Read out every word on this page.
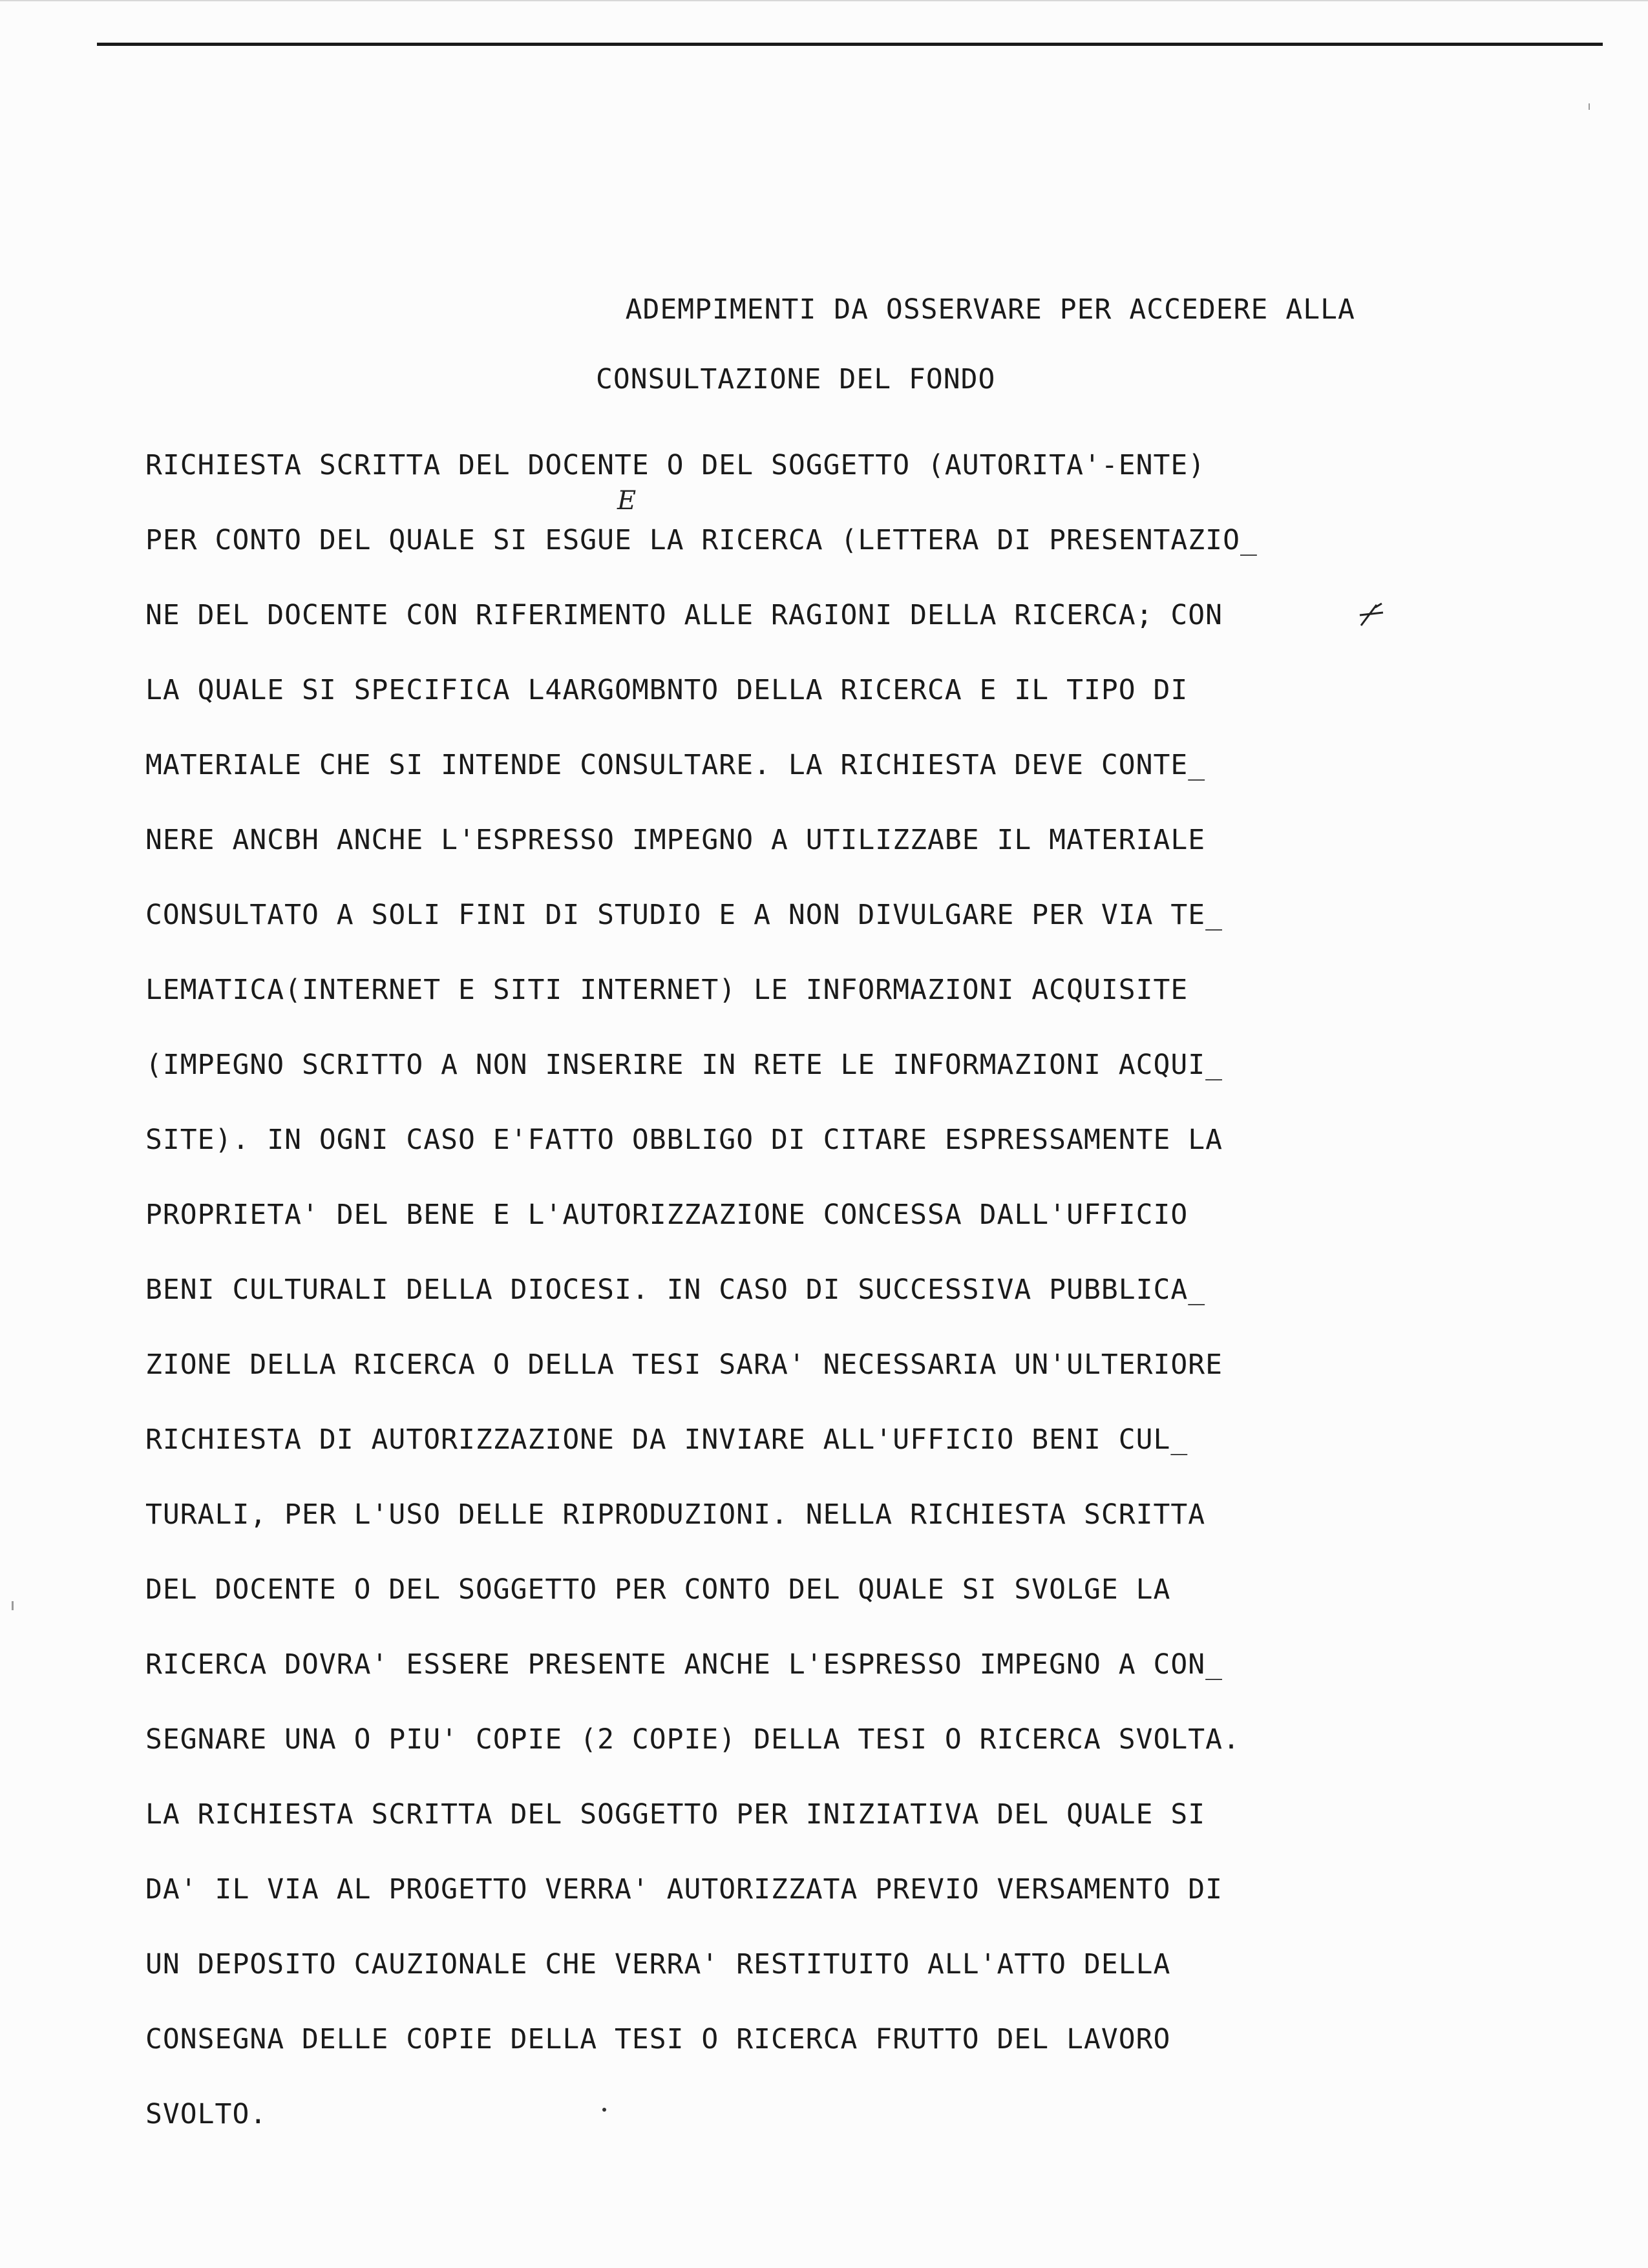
ADEMPIMENTI DA OSSERVARE PER ACCEDERE ALLA

CONSULTAZIONE DEL FONDO

RICHIESTA SCRITTA DEL DOCENTE O DEL SOGGETTO (AUTORITA'-ENTE)
PER CONTO DEL QUALE SI ESGUE LA RICERCA (LETTERA DI PRESENTAZIO_
NE DEL DOCENTE CON RIFERIMENTO ALLE RAGIONI DELLA RICERCA; CON
LA QUALE SI SPECIFICA L4ARGOMBNTO DELLA RICERCA E IL TIPO DI
MATERIALE CHE SI INTENDE CONSULTARE. LA RICHIESTA DEVE CONTE_
NERE ANCBH ANCHE L'ESPRESSO IMPEGNO A UTILIZZABE IL MATERIALE
CONSULTATO A SOLI FINI DI STUDIO E A NON DIVULGARE PER VIA TE_
LEMATICA(INTERNET E SITI INTERNET) LE INFORMAZIONI ACQUISITE
(IMPEGNO SCRITTO A NON INSERIRE IN RETE LE INFORMAZIONI ACQUI_
SITE). IN OGNI CASO E'FATTO OBBLIGO DI CITARE ESPRESSAMENTE LA
PROPRIETA' DEL BENE E L'AUTORIZZAZIONE CONCESSA DALL'UFFICIO
BENI CULTURALI DELLA DIOCESI. IN CASO DI SUCCESSIVA PUBBLICA_
ZIONE DELLA RICERCA O DELLA TESI SARA' NECESSARIA UN'ULTERIORE
RICHIESTA DI AUTORIZZAZIONE DA INVIARE ALL'UFFICIO BENI CUL_
TURALI, PER L'USO DELLE RIPRODUZIONI. NELLA RICHIESTA SCRITTA
DEL DOCENTE O DEL SOGGETTO PER CONTO DEL QUALE SI SVOLGE LA
RICERCA DOVRA' ESSERE PRESENTE ANCHE L'ESPRESSO IMPEGNO A CON_
SEGNARE UNA O PIU' COPIE (2 COPIE) DELLA TESI O RICERCA SVOLTA.
LA RICHIESTA SCRITTA DEL SOGGETTO PER INIZIATIVA DEL QUALE SI
DA' IL VIA AL PROGETTO VERRA' AUTORIZZATA PREVIO VERSAMENTO DI
UN DEPOSITO CAUZIONALE CHE VERRA' RESTITUITO ALL'ATTO DELLA
CONSEGNA DELLE COPIE DELLA TESI O RICERCA FRUTTO DEL LAVORO
SVOLTO.
E
